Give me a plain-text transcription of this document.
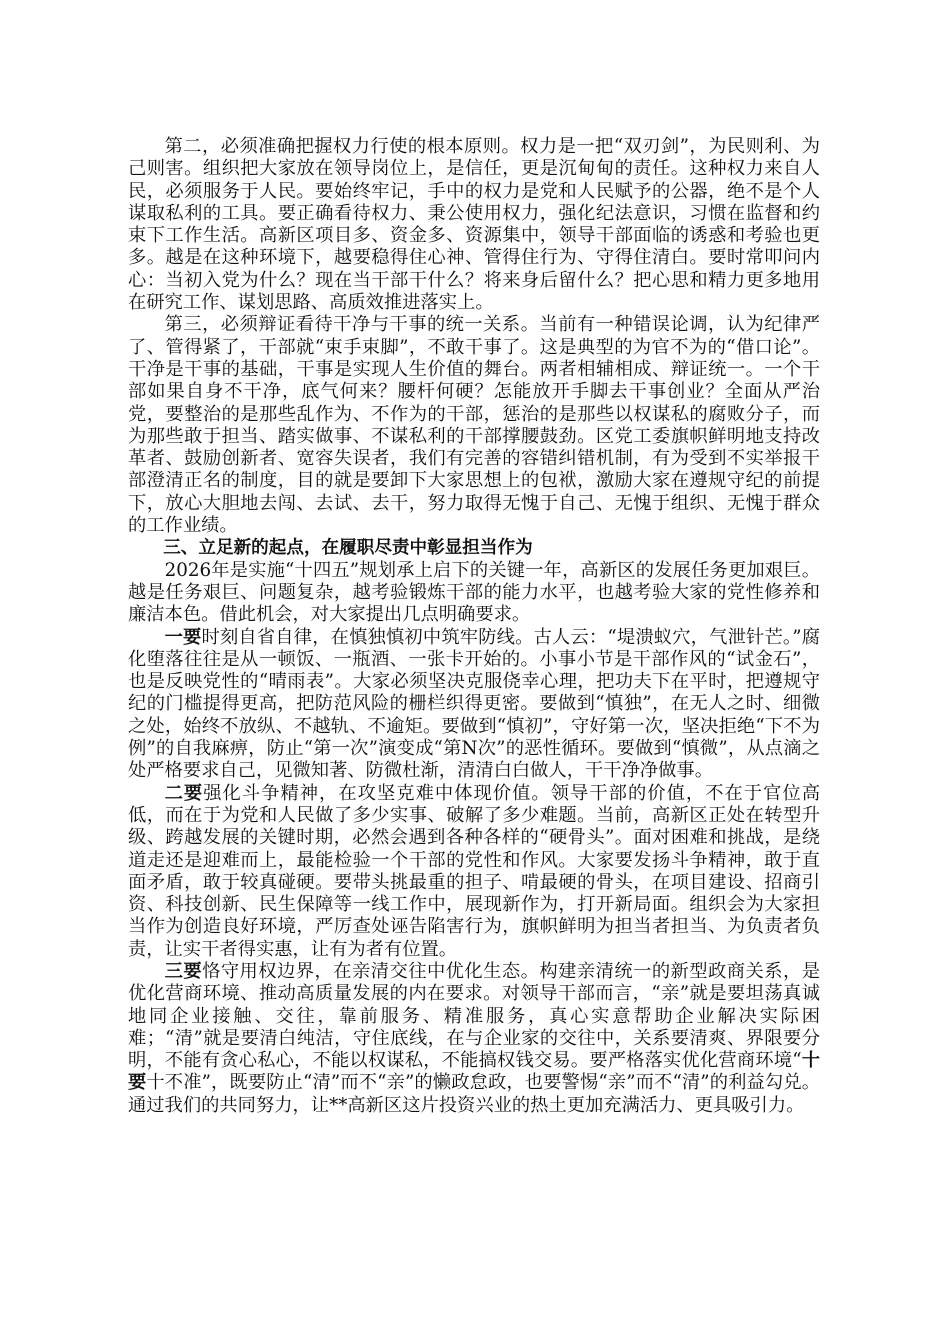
第二，必须准确把握权力行使的根本原则。权力是一把“双刃剑”，为民则利、为己则害。组织把大家放在领导岗位上，是信任，更是沉甸甸的责任。这种权力来自人民，必须服务于人民。要始终牢记，手中的权力是党和人民赋予的公器，绝不是个人谋取私利的工具。要正确看待权力、秉公使用权力，强化纪法意识，习惯在监督和约束下工作生活。高新区项目多、资金多、资源集中，领导干部面临的诱惑和考验也更多。越是在这种环境下，越要稳得住心神、管得住行为、守得住清白。要时常叩问内心：当初入党为什么？现在当干部干什么？将来身后留什么？把心思和精力更多地用在研究工作、谋划思路、高质效推进落实上。

第三，必须辩证看待干净与干事的统一关系。当前有一种错误论调，认为纪律严了、管得紧了，干部就“束手束脚”，不敢干事了。这是典型的为官不为的“借口论”。干净是干事的基础，干事是实现人生价值的舞台。两者相辅相成、辩证统一。一个干部如果自身不干净，底气何来？腰杆何硬？怎能放开手脚去干事创业？全面从严治党，要整治的是那些乱作为、不作为的干部，惩治的是那些以权谋私的腐败分子，而为那些敢于担当、踏实做事、不谋私利的干部撑腰鼓劲。区党工委旗帜鲜明地支持改革者、鼓励创新者、宽容失误者，我们有完善的容错纠错机制，有为受到不实举报干部澄清正名的制度，目的就是要卸下大家思想上的包袱，激励大家在遵规守纪的前提下，放心大胆地去闯、去试、去干，努力取得无愧于自己、无愧于组织、无愧于群众的工作业绩。

三、立足新的起点，在履职尽责中彰显担当作为

2026年是实施“十四五”规划承上启下的关键一年，高新区的发展任务更加艰巨。越是任务艰巨、问题复杂，越考验锻炼干部的能力水平，也越考验大家的党性修养和廉洁本色。借此机会，对大家提出几点明确要求。

一要时刻自省自律，在慎独慎初中筑牢防线。古人云：“堤溃蚁穴，气泄针芒。”腐化堕落往往是从一顿饭、一瓶酒、一张卡开始的。小事小节是干部作风的“试金石”，也是反映党性的“晴雨表”。大家必须坚决克服侥幸心理，把功夫下在平时，把遵规守纪的门槛提得更高，把防范风险的栅栏织得更密。要做到“慎独”，在无人之时、细微之处，始终不放纵、不越轨、不逾矩。要做到“慎初”，守好第一次，坚决拒绝“下不为例”的自我麻痹，防止“第一次”演变成“第N次”的恶性循环。要做到“慎微”，从点滴之处严格要求自己，见微知著、防微杜渐，清清白白做人，干干净净做事。

二要强化斗争精神，在攻坚克难中体现价值。领导干部的价值，不在于官位高低，而在于为党和人民做了多少实事、破解了多少难题。当前，高新区正处在转型升级、跨越发展的关键时期，必然会遇到各种各样的“硬骨头”。面对困难和挑战，是绕道走还是迎难而上，最能检验一个干部的党性和作风。大家要发扬斗争精神，敢于直面矛盾，敢于较真碰硬。要带头挑最重的担子、啃最硬的骨头，在项目建设、招商引资、科技创新、民生保障等一线工作中，展现新作为，打开新局面。组织会为大家担当作为创造良好环境，严厉查处诬告陷害行为，旗帜鲜明为担当者担当、为负责者负责，让实干者得实惠，让有为者有位置。

三要恪守用权边界，在亲清交往中优化生态。构建亲清统一的新型政商关系，是优化营商环境、推动高质量发展的内在要求。对领导干部而言，“亲”就是要坦荡真诚地同企业接触、交往，靠前服务、精准服务，真心实意帮助企业解决实际困难；“清”就是要清白纯洁，守住底线，在与企业家的交往中，关系要清爽、界限要分明，不能有贪心私心，不能以权谋私，不能搞权钱交易。要严格落实优化营商环境“十要十不准”，既要防止“清”而不“亲”的懒政怠政，也要警惕“亲”而不“清”的利益勾兑。通过我们的共同努力，让**高新区这片投资兴业的热土更加充满活力、更具吸引力。
